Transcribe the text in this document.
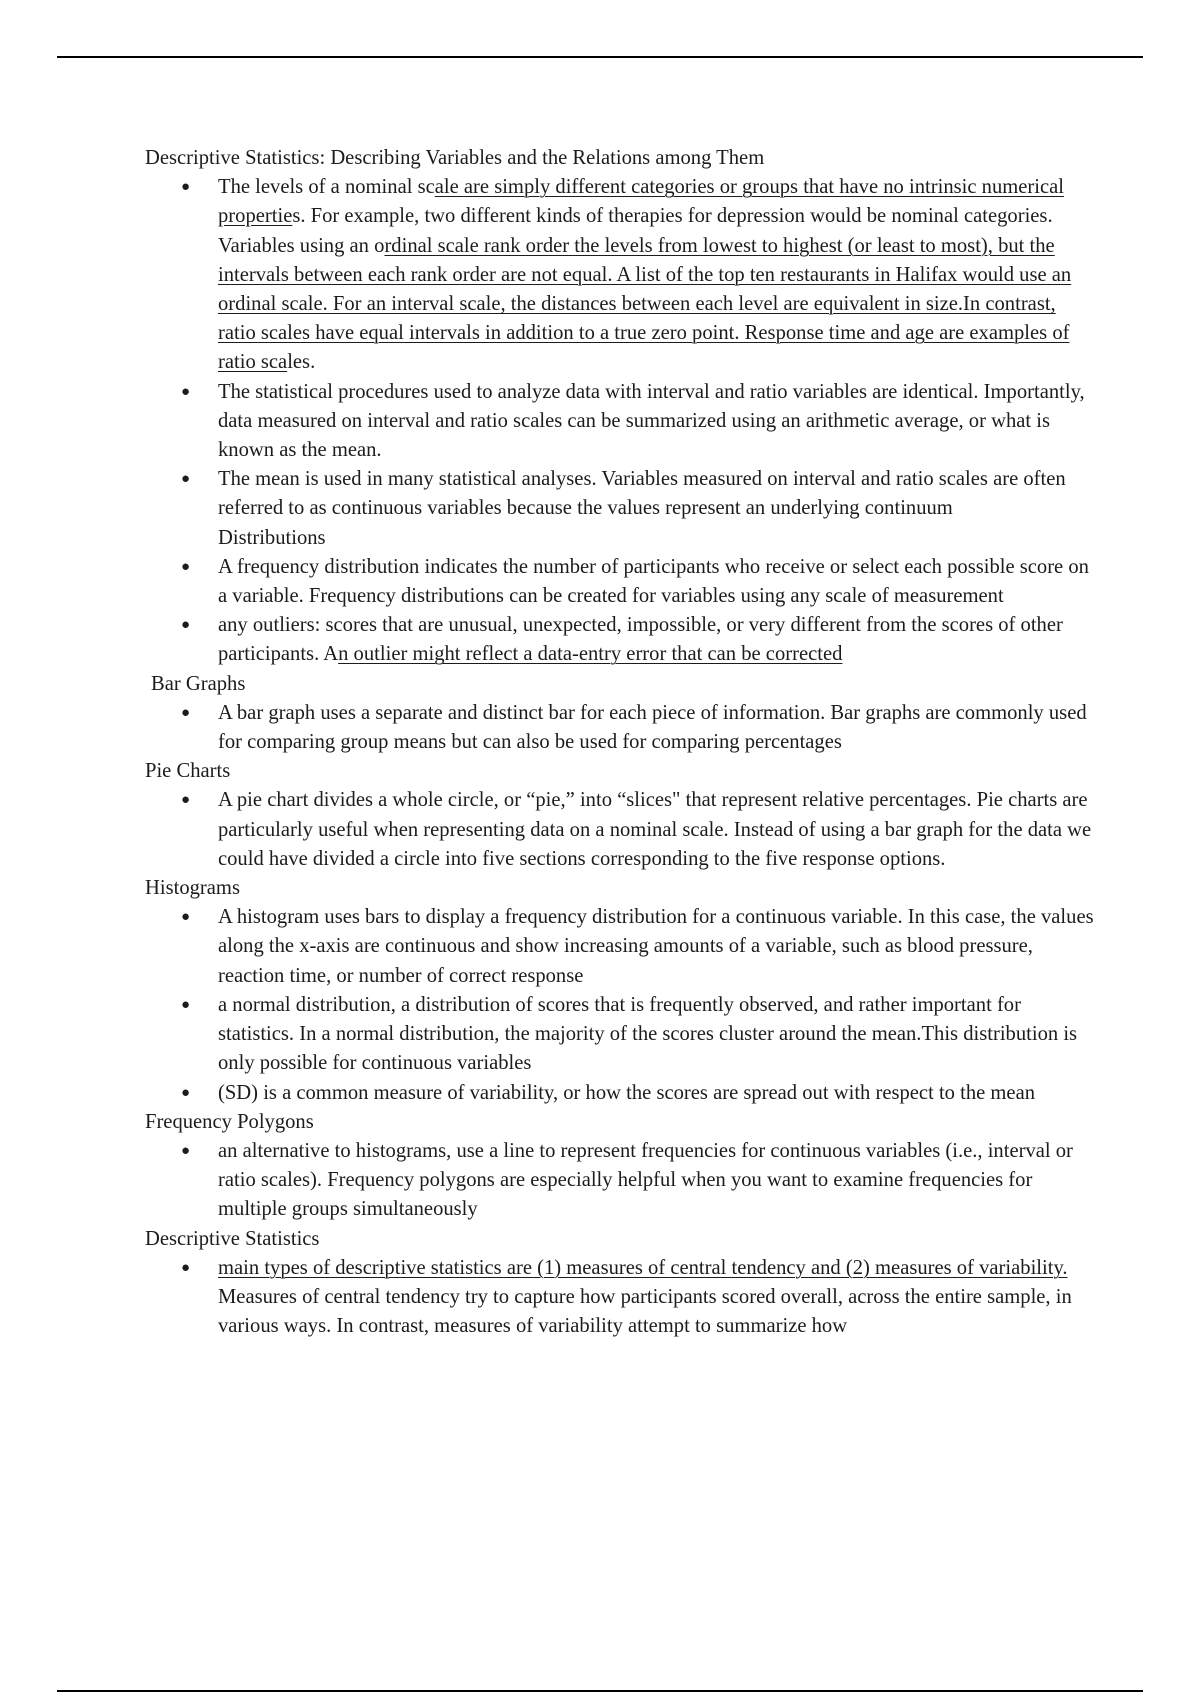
Descriptive Statistics: Describing Variables and the Relations among Them

● The levels of a nominal scale are simply different categories or groups that have no intrinsic numerical properties. For example, two different kinds of therapies for depression would be nominal categories. Variables using an ordinal scale rank order the levels from lowest to highest (or least to most), but the intervals between each rank order are not equal. A list of the top ten restaurants in Halifax would use an ordinal scale. For an interval scale, the distances between each level are equivalent in size.In contrast, ratio scales have equal intervals in addition to a true zero point. Response time and age are examples of ratio scales.
● The statistical procedures used to analyze data with interval and ratio variables are identical. Importantly, data measured on interval and ratio scales can be summarized using an arithmetic average, or what is known as the mean.
● The mean is used in many statistical analyses. Variables measured on interval and ratio scales are often referred to as continuous variables because the values represent an underlying continuum
Distributions
● A frequency distribution indicates the number of participants who receive or select each possible score on a variable. Frequency distributions can be created for variables using any scale of measurement
● any outliers: scores that are unusual, unexpected, impossible, or very different from the scores of other participants. An outlier might reflect a data-entry error that can be corrected

Bar Graphs

● A bar graph uses a separate and distinct bar for each piece of information. Bar graphs are commonly used for comparing group means but can also be used for comparing percentages

Pie Charts

● A pie chart divides a whole circle, or “pie,” into “slices" that represent relative percentages. Pie charts are particularly useful when representing data on a nominal scale. Instead of using a bar graph for the data we could have divided a circle into five sections corresponding to the five response options.

Histograms

● A histogram uses bars to display a frequency distribution for a continuous variable. In this case, the values along the x-axis are continuous and show increasing amounts of a variable, such as blood pressure, reaction time, or number of correct response
● a normal distribution, a distribution of scores that is frequently observed, and rather important for statistics. In a normal distribution, the majority of the scores cluster around the mean.This distribution is only possible for continuous variables
● (SD) is a common measure of variability, or how the scores are spread out with respect to the mean

Frequency Polygons

● an alternative to histograms, use a line to represent frequencies for continuous variables (i.e., interval or ratio scales). Frequency polygons are especially helpful when you want to examine frequencies for multiple groups simultaneously

Descriptive Statistics

● main types of descriptive statistics are (1) measures of central tendency and (2) measures of variability. Measures of central tendency try to capture how participants scored overall, across the entire sample, in various ways. In contrast, measures of variability attempt to summarize how
